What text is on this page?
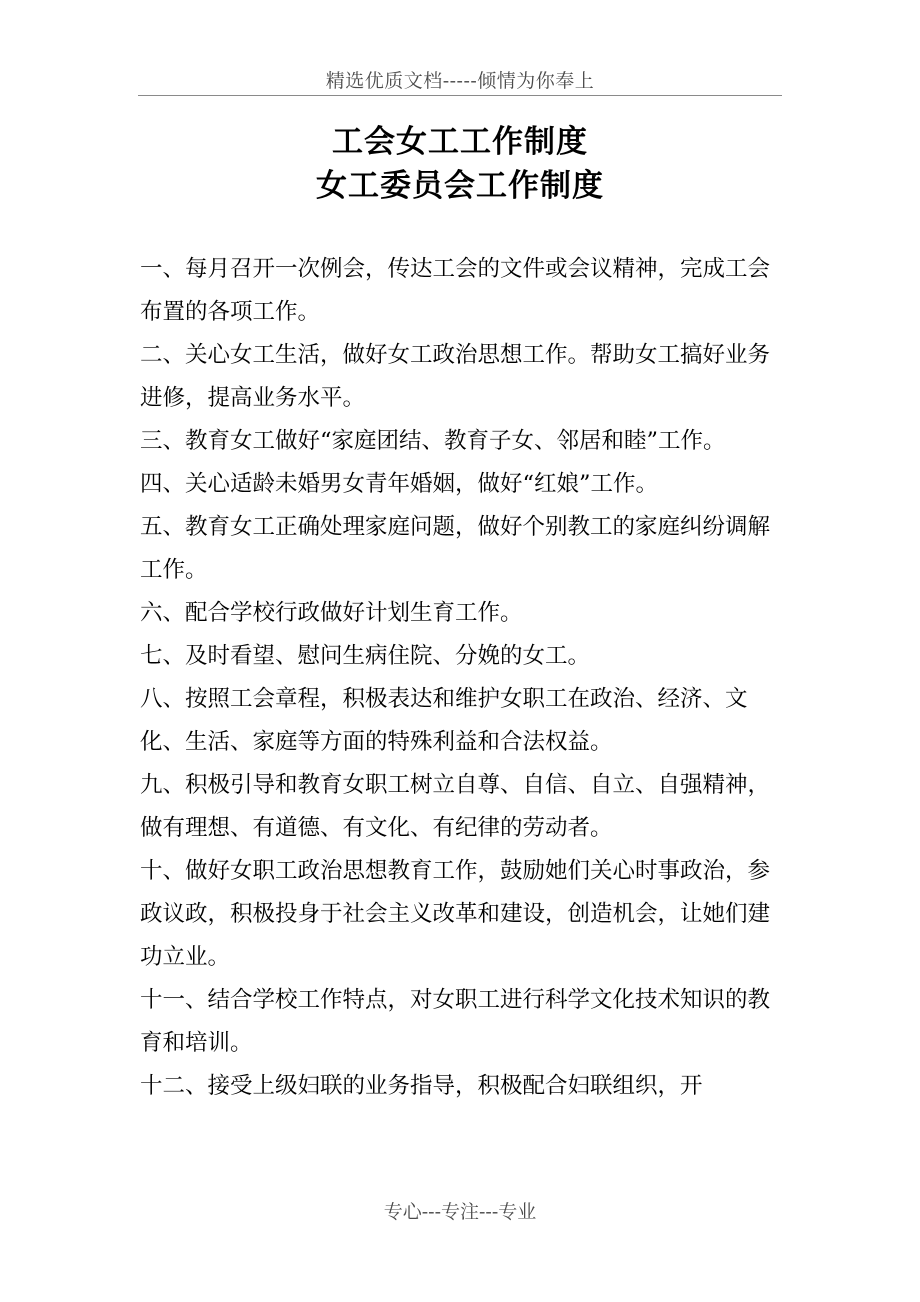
精选优质文档-----倾情为你奉上
工会女工工作制度
女工委员会工作制度

一、每月召开一次例会，传达工会的文件或会议精神，完成工会布置的各项工作。

二、关心女工生活，做好女工政治思想工作。帮助女工搞好业务进修，提高业务水平。

三、教育女工做好“家庭团结、教育子女、邻居和睦”工作。

四、关心适龄未婚男女青年婚姻，做好“红娘”工作。

五、教育女工正确处理家庭问题，做好个别教工的家庭纠纷调解工作。

六、配合学校行政做好计划生育工作。

七、及时看望、慰问生病住院、分娩的女工。

八、按照工会章程，积极表达和维护女职工在政治、经济、文化、生活、家庭等方面的特殊利益和合法权益。

九、积极引导和教育女职工树立自尊、自信、自立、自强精神，做有理想、有道德、有文化、有纪律的劳动者。

十、做好女职工政治思想教育工作，鼓励她们关心时事政治，参政议政，积极投身于社会主义改革和建设，创造机会，让她们建功立业。

十一、结合学校工作特点，对女职工进行科学文化技术知识的教育和培训。

十二、接受上级妇联的业务指导，积极配合妇联组织，开

专心---专注---专业
